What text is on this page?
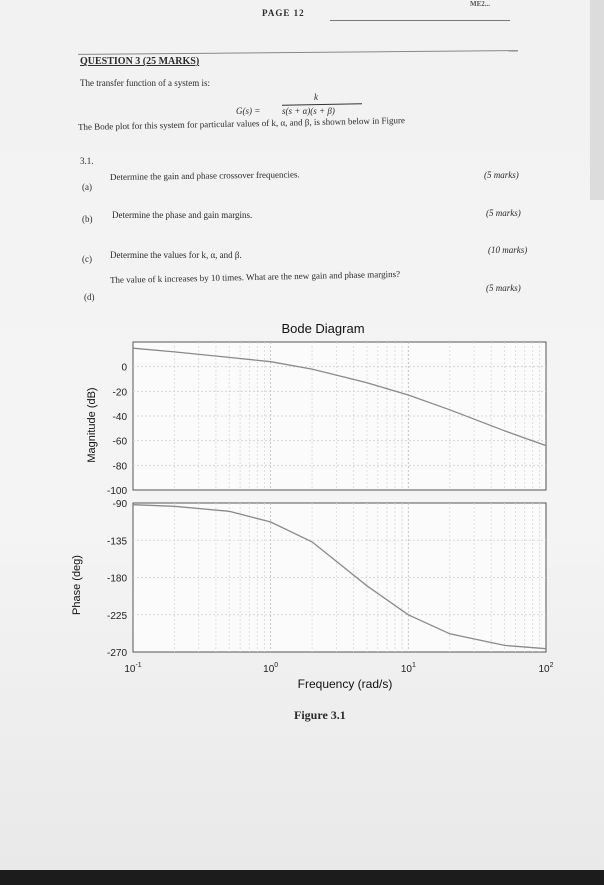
PAGE 12
ME2...
QUESTION 3 (25 MARKS)
The transfer function of a system is:
G(s) =
k
s(s + α)(s + β)
The Bode plot for this system for particular values of k, α, and β, is shown below in Figure
3.1.
(a)
Determine the gain and phase crossover frequencies.	(5 marks)
(b) Determine the phase and gain margins.	(5 marks)
(c) Determine the values for k, α, and β.	(10 marks)
(d)
The value of k increases by 10 times. What are the new gain and phase margins?
(5 marks)
Bode Diagram
Magnitude (dB)
Phase (deg)
Frequency (rad/s)
0
-20
-40
-60
-80
-100
-90
-135
-180
-225
-270
$10^{-1}$	$10^0$	$10^1$	$10^2$
Figure 3.1
